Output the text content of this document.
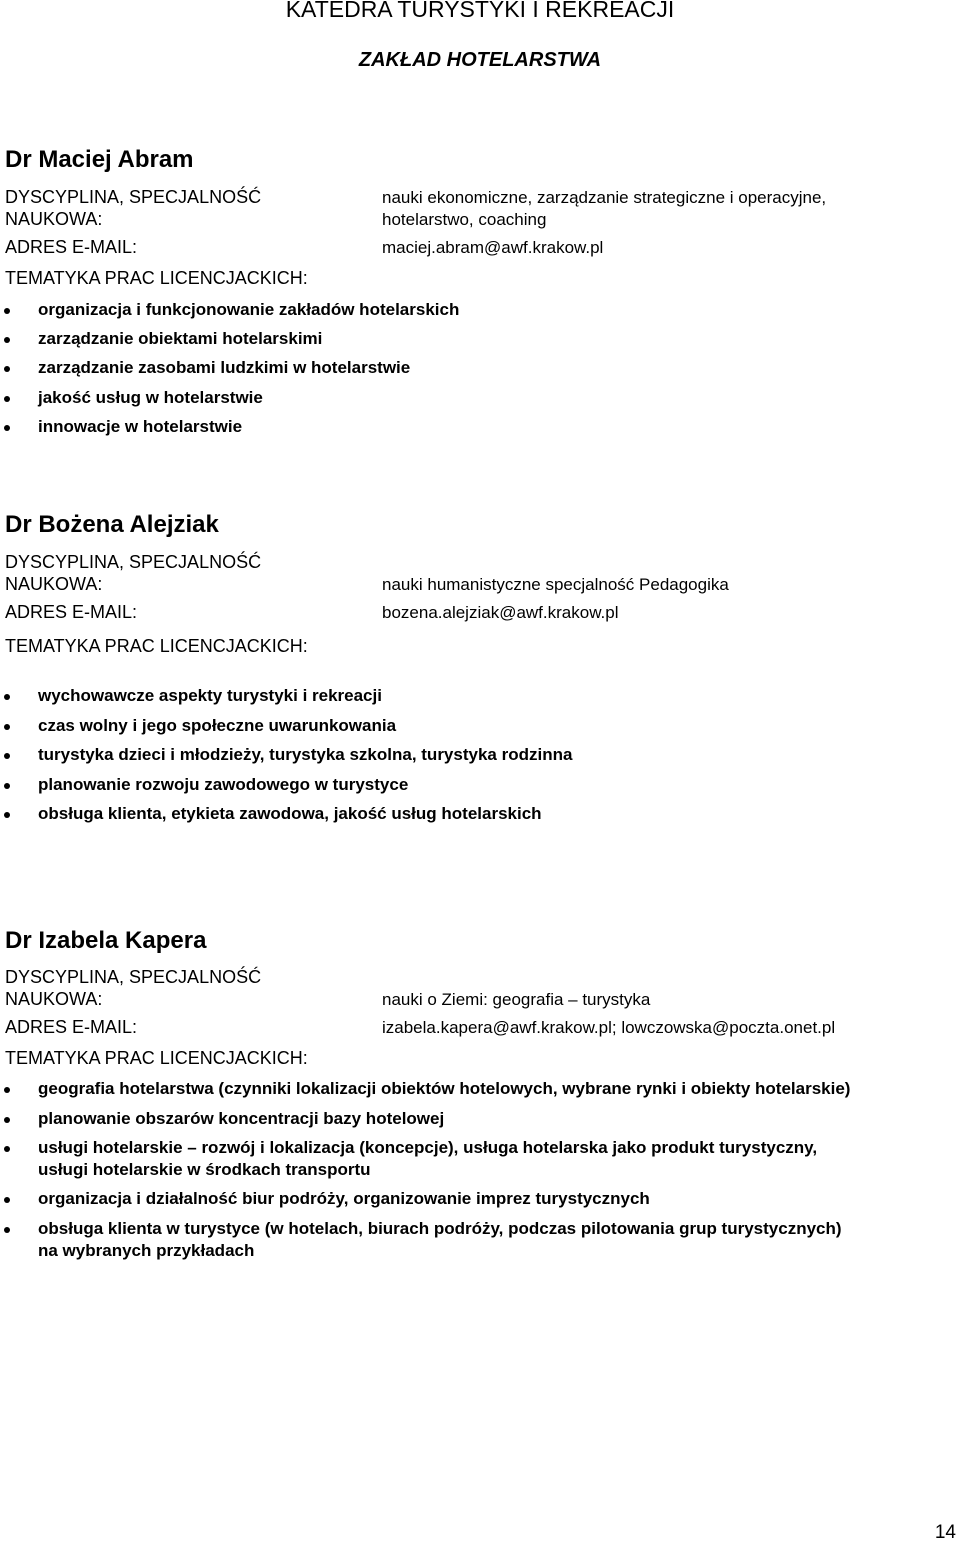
KATEDRA TURYSTYKI I REKREACJI
ZAKŁAD HOTELARSTWA
Dr Maciej Abram
DYSCYPLINA, SPECJALNOŚĆ
NAUKOWA:
nauki ekonomiczne, zarządzanie strategiczne i operacyjne,
hotelarstwo, coaching
ADRES E-MAIL:	maciej.abram@awf.krakow.pl
TEMATYKA PRAC LICENCJACKICH:
organizacja i funkcjonowanie zakładów hotelarskich
zarządzanie obiektami hotelarskimi
zarządzanie zasobami ludzkimi w hotelarstwie
jakość usług w hotelarstwie
innowacje w hotelarstwie
Dr Bożena Alejziak
DYSCYPLINA, SPECJALNOŚĆ
NAUKOWA:	nauki humanistyczne specjalność Pedagogika
ADRES E-MAIL:	bozena.alejziak@awf.krakow.pl
TEMATYKA PRAC LICENCJACKICH:
wychowawcze aspekty turystyki i rekreacji
czas wolny i jego społeczne uwarunkowania
turystyka dzieci i młodzieży, turystyka szkolna, turystyka rodzinna
planowanie rozwoju zawodowego w turystyce
obsługa klienta, etykieta zawodowa, jakość usług hotelarskich
Dr Izabela Kapera
DYSCYPLINA, SPECJALNOŚĆ
NAUKOWA:	nauki o Ziemi: geografia – turystyka
ADRES E-MAIL:	izabela.kapera@awf.krakow.pl; lowczowska@poczta.onet.pl
TEMATYKA PRAC LICENCJACKICH:
geografia hotelarstwa (czynniki lokalizacji obiektów hotelowych, wybrane rynki i obiekty hotelarskie)
planowanie obszarów koncentracji bazy hotelowej
usługi hotelarskie – rozwój i lokalizacja (koncepcje), usługa hotelarska jako produkt turystyczny,
usługi hotelarskie w środkach transportu
organizacja i działalność biur podróży, organizowanie imprez turystycznych
obsługa klienta w turystyce (w hotelach, biurach podróży, podczas pilotowania grup turystycznych)
na wybranych przykładach
14
